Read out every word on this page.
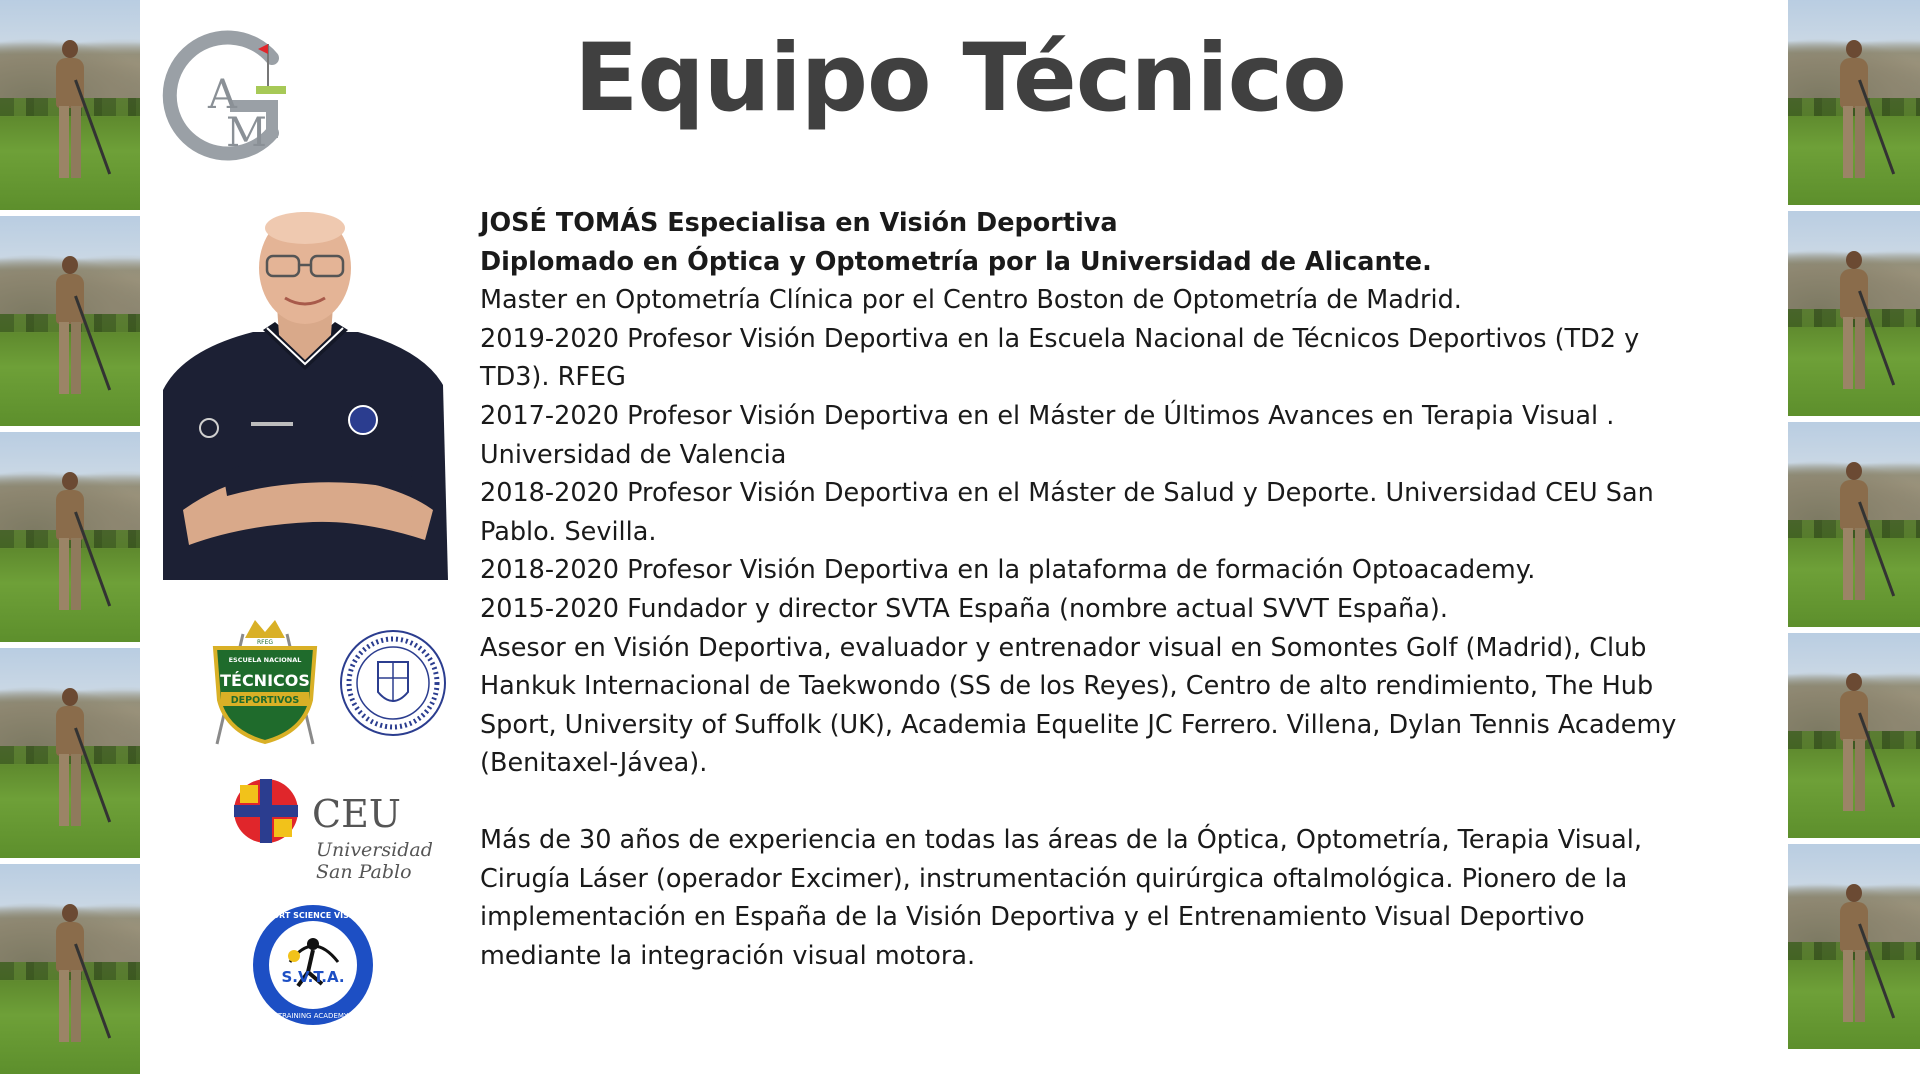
A
M	Equipo Técnico
ESCUELA NACIONAL
TÉCNICOS
DEPORTIVOS
RFEG
CEU
Universidad
San Pablo
S.V.T.A.
SPORT SCIENCE VISION
TRAINING ACADEMY

JOSÉ TOMÁS Especialisa en Visión Deportiva

Diplomado en Óptica y Optometría por la Universidad de Alicante.

Master en Optometría Clínica por el Centro Boston de Optometría de Madrid.

2019-2020 Profesor Visión Deportiva en la Escuela Nacional de Técnicos Deportivos (TD2 y TD3). RFEG

2017-2020 Profesor Visión Deportiva en el Máster de Últimos Avances en Terapia Visual . Universidad de Valencia

2018-2020 Profesor Visión Deportiva en el Máster de Salud y Deporte. Universidad CEU San Pablo. Sevilla.

2018-2020 Profesor Visión Deportiva en la plataforma de formación Optoacademy.

2015-2020 Fundador y director SVTA España (nombre actual SVVT España).

Asesor en Visión Deportiva, evaluador y entrenador visual en Somontes Golf (Madrid), Club Hankuk Internacional de Taekwondo (SS de los Reyes), Centro de alto rendimiento, The Hub Sport, University of Suffolk (UK), Academia Equelite JC Ferrero. Villena, Dylan Tennis Academy (Benitaxel-Jávea).

Más de 30 años de experiencia en todas las áreas de la Óptica, Optometría, Terapia Visual, Cirugía Láser (operador Excimer), instrumentación quirúrgica oftalmológica. Pionero de la implementación en España de la Visión Deportiva y el Entrenamiento Visual Deportivo mediante la integración visual motora.
